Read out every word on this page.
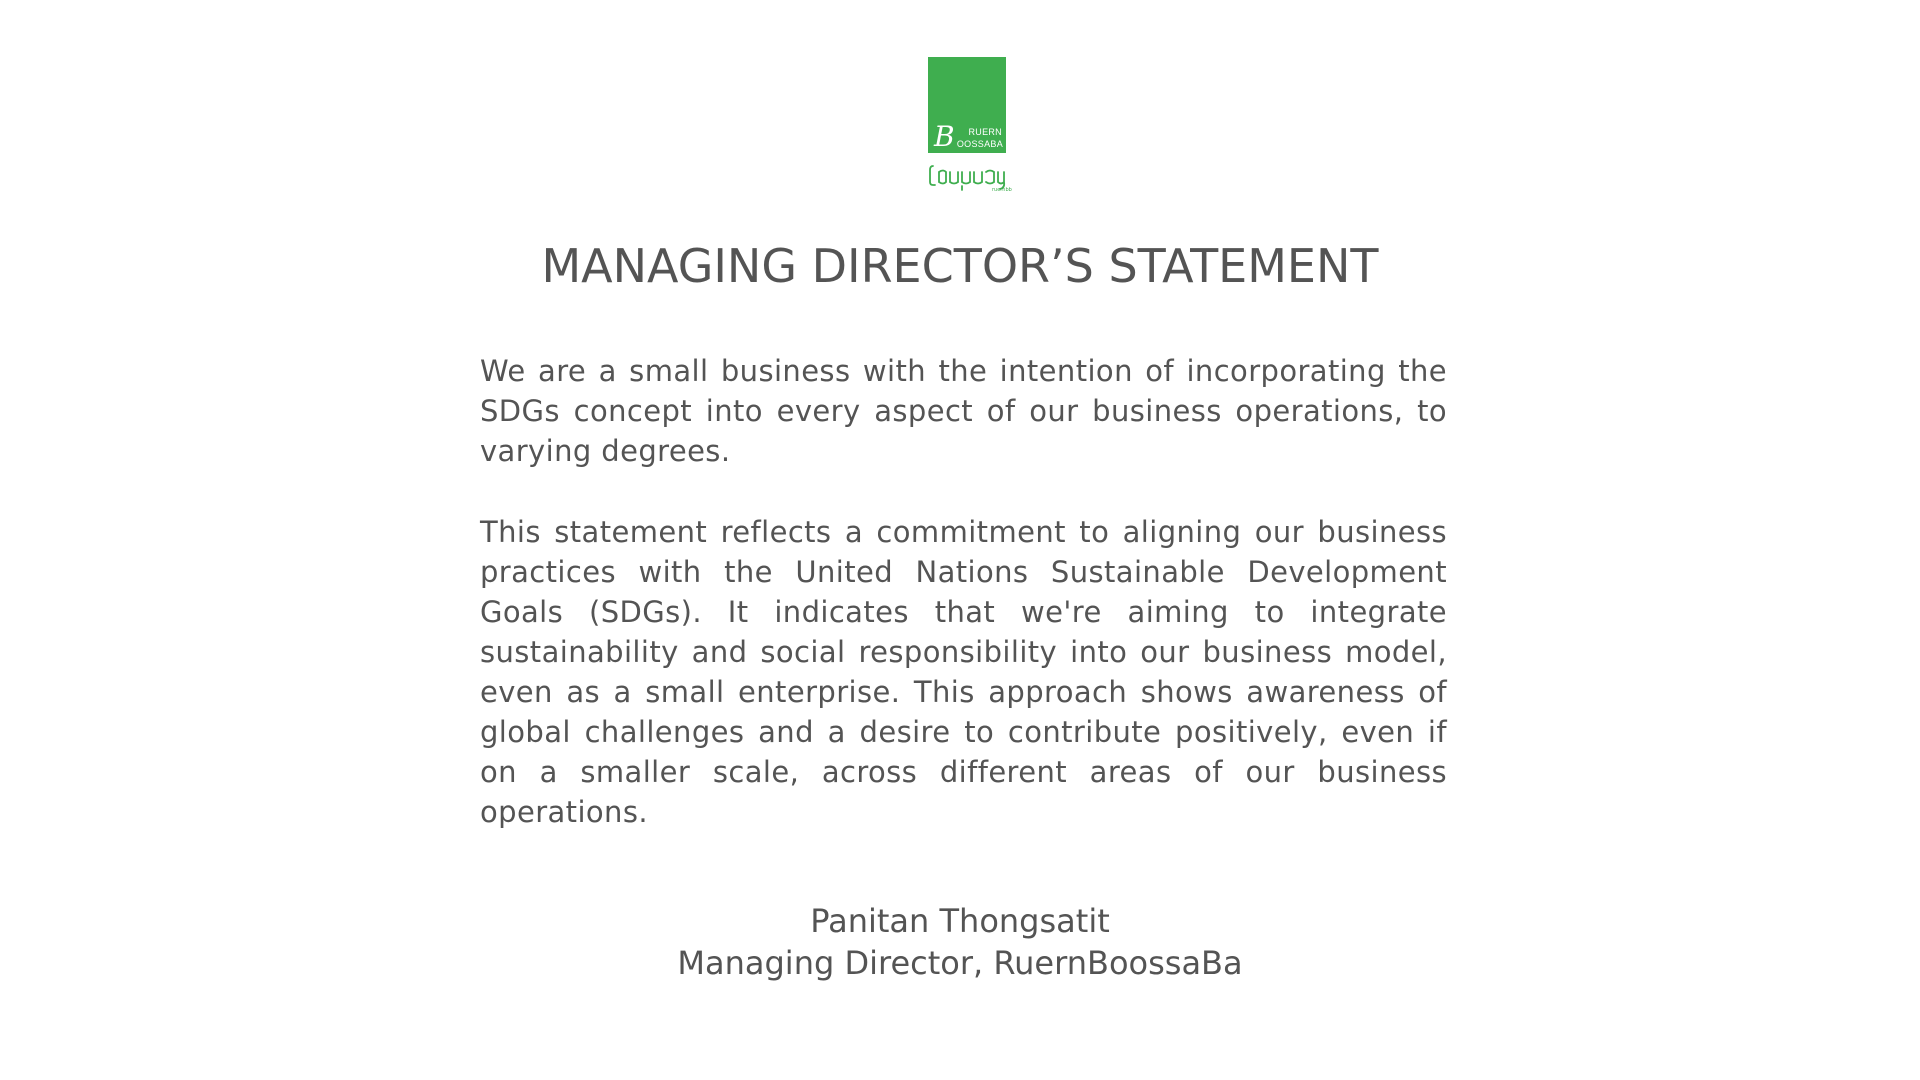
B RUERN
OOSSABA
ruernbb
MANAGING DIRECTOR’S STATEMENT

We are a small business with the intention of incorporating the SDGs concept into every aspect of our business operations, to varying degrees.

This statement reflects a commitment to aligning our business practices with the United Nations Sustainable Development Goals (SDGs). It indicates that we're aiming to integrate sustainability and social responsibility into our business model, even as a small enterprise. This approach shows awareness of global challenges and a desire to contribute positively, even if on a smaller scale, across different areas of our business operations.

Panitan Thongsatit
Managing Director, RuernBoossaBa
